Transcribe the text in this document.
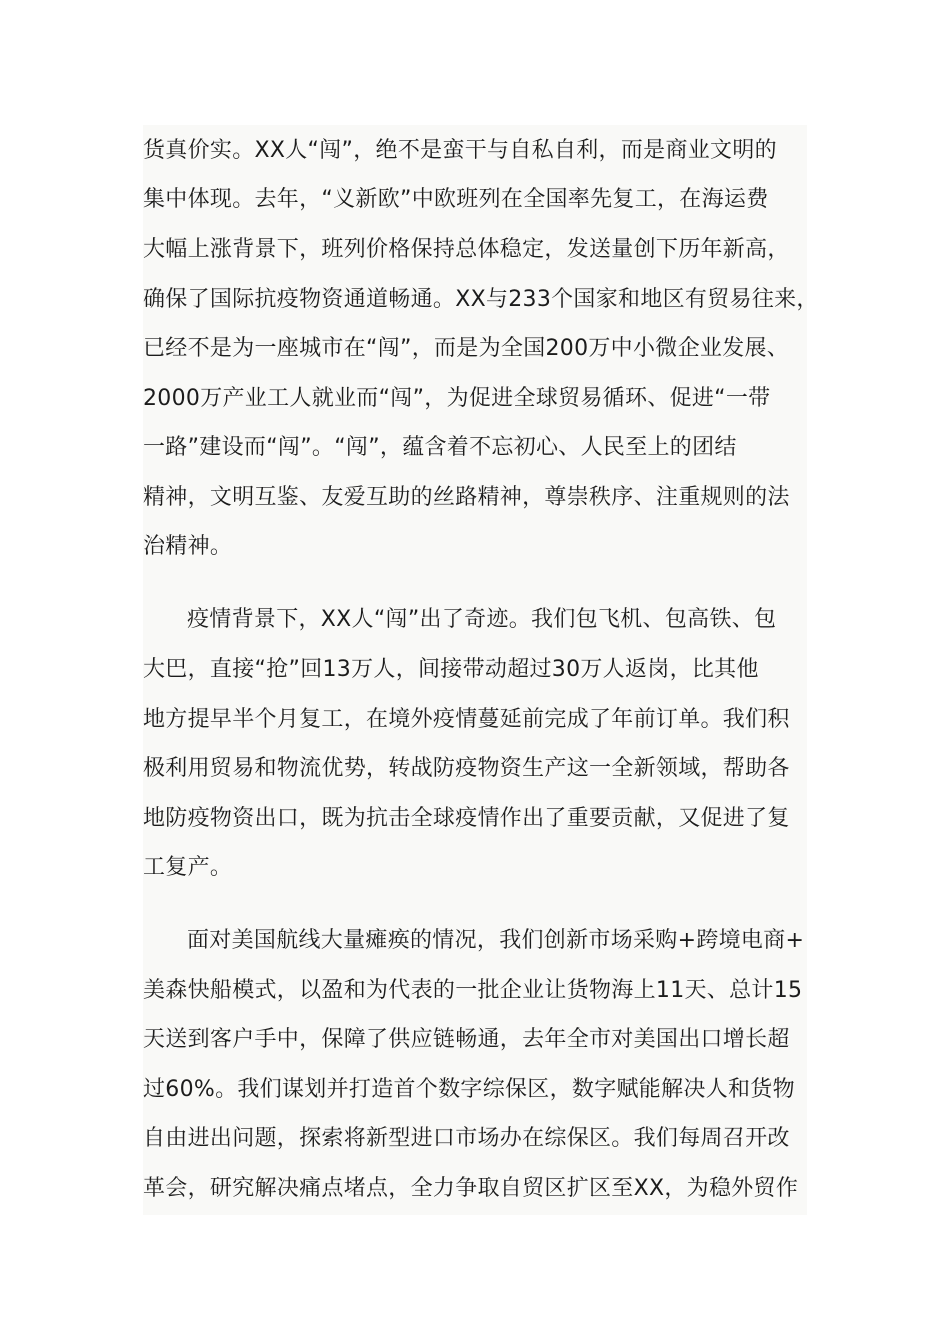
货真价实。XX人“闯”，绝不是蛮干与自私自利，而是商业文明的
集中体现。去年，“义新欧”中欧班列在全国率先复工，在海运费
大幅上涨背景下，班列价格保持总体稳定，发送量创下历年新高，
确保了国际抗疫物资通道畅通。XX与233个国家和地区有贸易往来，
已经不是为一座城市在“闯”，而是为全国200万中小微企业发展、
2000万产业工人就业而“闯”，为促进全球贸易循环、促进“一带
一路”建设而“闯”。“闯”，蕴含着不忘初心、人民至上的团结
精神，文明互鉴、友爱互助的丝路精神，尊崇秩序、注重规则的法
治精神。
疫情背景下，XX人“闯”出了奇迹。我们包飞机、包高铁、包
大巴，直接“抢”回13万人，间接带动超过30万人返岗，比其他
地方提早半个月复工，在境外疫情蔓延前完成了年前订单。我们积
极利用贸易和物流优势，转战防疫物资生产这一全新领域，帮助各
地防疫物资出口，既为抗击全球疫情作出了重要贡献，又促进了复
工复产。
面对美国航线大量瘫痪的情况，我们创新市场采购+跨境电商+
美森快船模式，以盈和为代表的一批企业让货物海上11天、总计15
天送到客户手中，保障了供应链畅通，去年全市对美国出口增长超
过60%。我们谋划并打造首个数字综保区，数字赋能解决人和货物
自由进出问题，探索将新型进口市场办在综保区。我们每周召开改
革会，研究解决痛点堵点，全力争取自贸区扩区至XX，为稳外贸作
